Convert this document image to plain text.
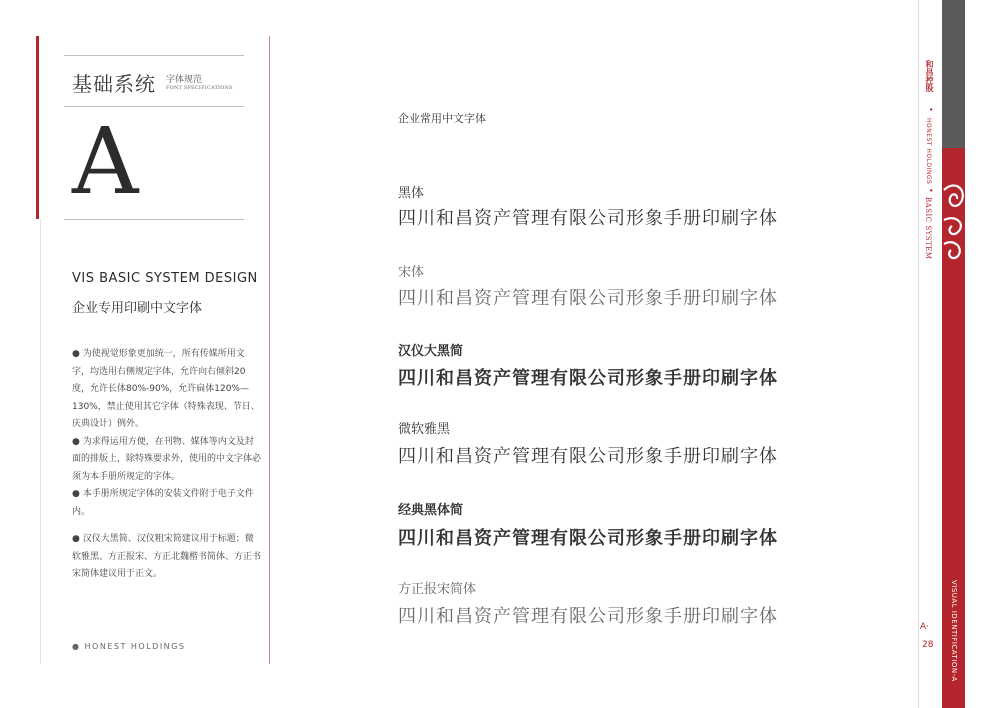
基础系统 字体规范
FONT SPECIFICATIONS
A
VIS BASIC SYSTEM DESIGN
企业专用印刷中文字体
● 为使视觉形象更加统一，所有传媒所用文字，均选用右侧规定字体，允许向右倾斜20度，允许长体80%-90%，允许扁体120%—130%，禁止使用其它字体（特殊表现、节日、庆典设计）例外。
● 为求得运用方便，在刊物、媒体等内文及封面的排版上，除特殊要求外，使用的中文字体必须为本手册所规定的字体。
● 本手册所规定字体的安装文件附于电子文件内。
● 汉仪大黑简、汉仪粗宋简建议用于标题；微软雅黑、方正报宋、方正北魏楷书简体、方正书宋简体建议用于正文。
● HONEST HOLDINGS
企业常用中文字体
黑体
四川和昌资产管理有限公司形象手册印刷字体
宋体
四川和昌资产管理有限公司形象手册印刷字体
汉仪大黑简
四川和昌资产管理有限公司形象手册印刷字体
微软雅黑
四川和昌资产管理有限公司形象手册印刷字体
经典黑体简
四川和昌资产管理有限公司形象手册印刷字体
方正报宋简体
四川和昌资产管理有限公司形象手册印刷字体
和昌控股
•
HONEST HOLDINGS
•
BASIC SYSTEM
VISUAL IDENTIFICATION-A
A·
28
